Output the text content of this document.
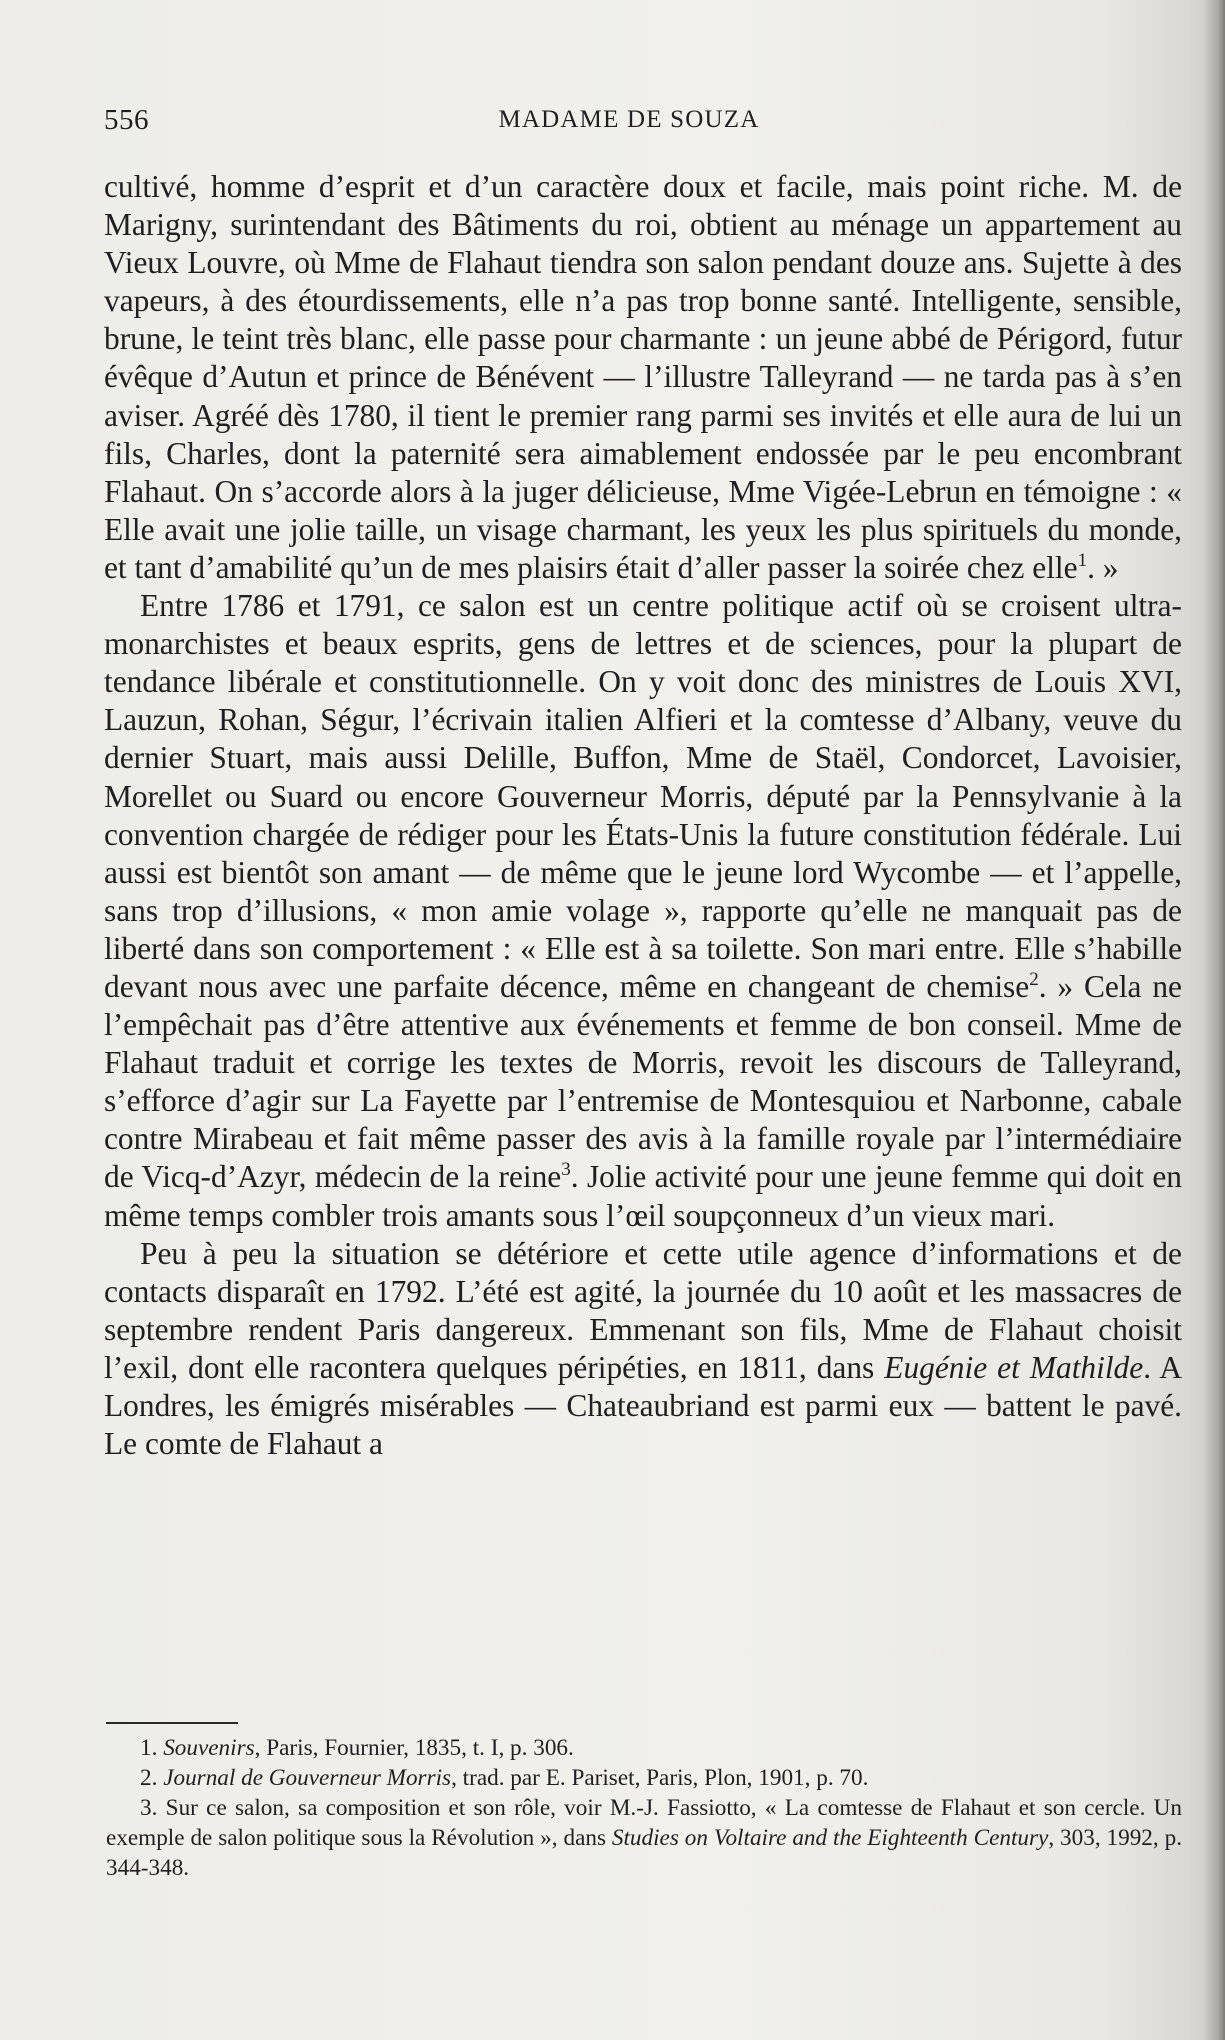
556	MADAME DE SOUZA

cultivé, homme d’esprit et d’un caractère doux et facile, mais point riche. M. de Marigny, surintendant des Bâtiments du roi, obtient au ménage un appartement au Vieux Louvre, où Mme de Flahaut tiendra son salon pendant douze ans. Sujette à des vapeurs, à des étourdissements, elle n’a pas trop bonne santé. Intelligente, sensible, brune, le teint très blanc, elle passe pour charmante : un jeune abbé de Périgord, futur évêque d’Autun et prince de Bénévent — l’illustre Talleyrand — ne tarda pas à s’en aviser. Agréé dès 1780, il tient le premier rang parmi ses invités et elle aura de lui un fils, Charles, dont la paternité sera aimablement endossée par le peu encombrant Flahaut. On s’accorde alors à la juger délicieuse, Mme Vigée-Lebrun en témoigne : « Elle avait une jolie taille, un visage charmant, les yeux les plus spirituels du monde, et tant d’amabilité qu’un de mes plaisirs était d’aller passer la soirée chez elle$^1$. »

Entre 1786 et 1791, ce salon est un centre politique actif où se croisent ultra-monarchistes et beaux esprits, gens de lettres et de sciences, pour la plupart de tendance libérale et constitutionnelle. On y voit donc des ministres de Louis XVI, Lauzun, Rohan, Ségur, l’écrivain italien Alfieri et la comtesse d’Albany, veuve du dernier Stuart, mais aussi Delille, Buffon, Mme de Staël, Condorcet, Lavoisier, Morellet ou Suard ou encore Gouverneur Morris, député par la Pennsylvanie à la convention chargée de rédiger pour les États-Unis la future constitution fédérale. Lui aussi est bientôt son amant — de même que le jeune lord Wycombe — et l’appelle, sans trop d’illusions, « mon amie volage », rapporte qu’elle ne manquait pas de liberté dans son comportement : « Elle est à sa toilette. Son mari entre. Elle s’habille devant nous avec une parfaite décence, même en changeant de chemise$^2$. » Cela ne l’empêchait pas d’être attentive aux événements et femme de bon conseil. Mme de Flahaut traduit et corrige les textes de Morris, revoit les discours de Talleyrand, s’efforce d’agir sur La Fayette par l’entremise de Montesquiou et Narbonne, cabale contre Mirabeau et fait même passer des avis à la famille royale par l’intermédiaire de Vicq-d’Azyr, médecin de la reine$^3$. Jolie activité pour une jeune femme qui doit en même temps combler trois amants sous l’œil soupçonneux d’un vieux mari.

Peu à peu la situation se détériore et cette utile agence d’informations et de contacts disparaît en 1792. L’été est agité, la journée du 10 août et les massacres de septembre rendent Paris dangereux. Emmenant son fils, Mme de Flahaut choisit l’exil, dont elle racontera quelques péripéties, en 1811, dans Eugénie et Mathilde. A Londres, les émigrés misérables — Chateaubriand est parmi eux — battent le pavé. Le comte de Flahaut a

1. Souvenirs, Paris, Fournier, 1835, t. I, p. 306.

2. Journal de Gouverneur Morris, trad. par E. Pariset, Paris, Plon, 1901, p. 70.

3. Sur ce salon, sa composition et son rôle, voir M.-J. Fassiotto, « La comtesse de Flahaut et son cercle. Un exemple de salon politique sous la Révolution », dans Studies on Voltaire and the Eighteenth Century, 303, 1992, p. 344-348.
